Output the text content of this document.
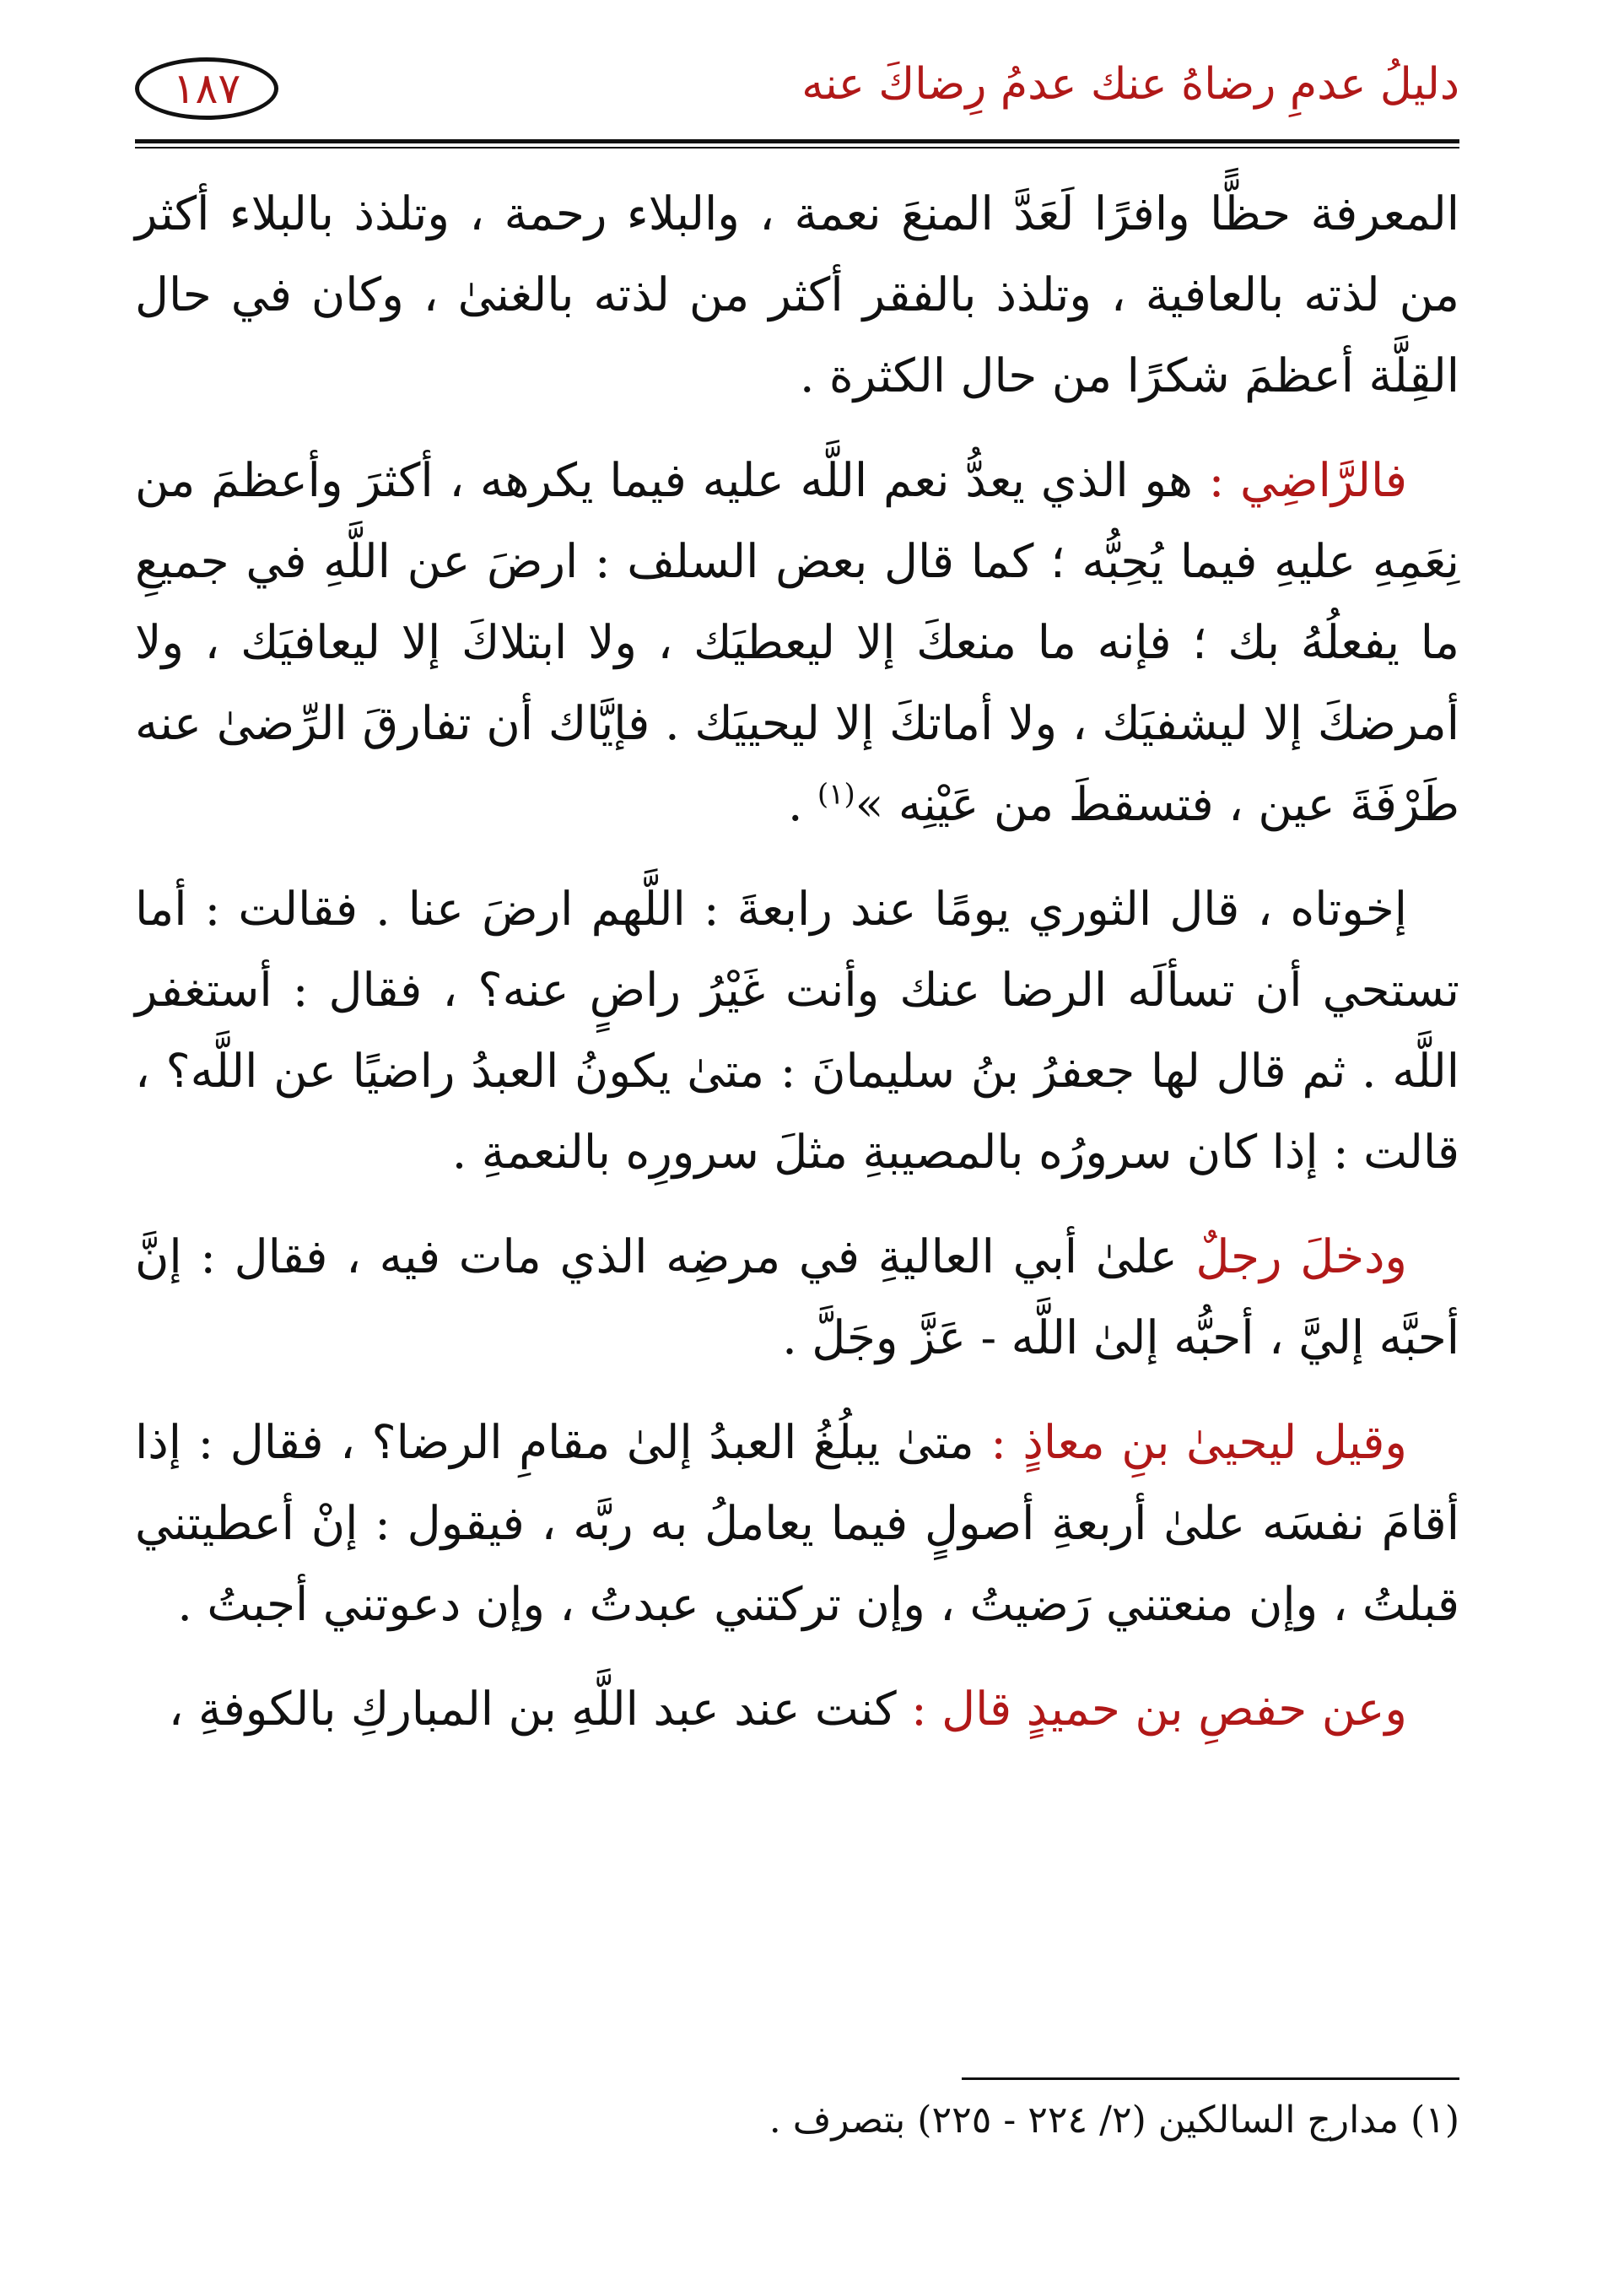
دليلُ عدمِ رضاهُ عنك عدمُ رِضاكَ عنه
١٨٧

المعرفة حظًّا وافرًا لَعَدَّ المنعَ نعمة ، والبلاء رحمة ، وتلذذ بالبلاء أكثر من لذته بالعافية ، وتلذذ بالفقر أكثر من لذته بالغنىٰ ، وكان في حال القِلَّة أعظمَ شكرًا من حال الكثرة .

فالرَّاضِي : هو الذي يعدُّ نعم اللَّه عليه فيما يكرهه ، أكثرَ وأعظمَ من نِعَمِهِ عليهِ فيما يُحِبُّه ؛ كما قال بعض السلف : ارضَ عن اللَّهِ في جميعِ ما يفعلُهُ بك ؛ فإنه ما منعكَ إلا ليعطيَك ، ولا ابتلاكَ إلا ليعافيَك ، ولا أمرضكَ إلا ليشفيَك ، ولا أماتكَ إلا ليحييَك . فإيَّاك أن تفارقَ الرِّضىٰ عنه طَرْفَةَ عين ، فتسقطَ من عَيْنِه »$^{(١)}$ .

إخوتاه ، قال الثوري يومًا عند رابعةَ : اللَّهم ارضَ عنا . فقالت : أما تستحي أن تسألَه الرضا عنك وأنت غَيْرُ راضٍ عنه؟ ، فقال : أستغفر اللَّه . ثم قال لها جعفرُ بنُ سليمانَ : متىٰ يكونُ العبدُ راضيًا عن اللَّه؟ ، قالت : إذا كان سرورُه بالمصيبةِ مثلَ سرورِه بالنعمةِ .

ودخلَ رجلٌ علىٰ أبي العاليةِ في مرضِه الذي مات فيه ، فقال : إنَّ أحبَّه إليَّ ، أحبُّه إلىٰ اللَّه - عَزَّ وجَلَّ .

وقيل ليحيىٰ بنِ معاذٍ : متىٰ يبلُغُ العبدُ إلىٰ مقامِ الرضا؟ ، فقال : إذا أقامَ نفسَه علىٰ أربعةِ أصولٍ فيما يعاملُ به ربَّه ، فيقول : إنْ أعطيتني قبلتُ ، وإن منعتني رَضيتُ ، وإن تركتني عبدتُ ، وإن دعوتني أجبتُ .

وعن حفصِ بن حميدٍ قال : كنت عند عبد اللَّهِ بن المباركِ بالكوفةِ ،

(١) مدارج السالكين (٢/ ٢٢٤ - ٢٢٥) بتصرف .
